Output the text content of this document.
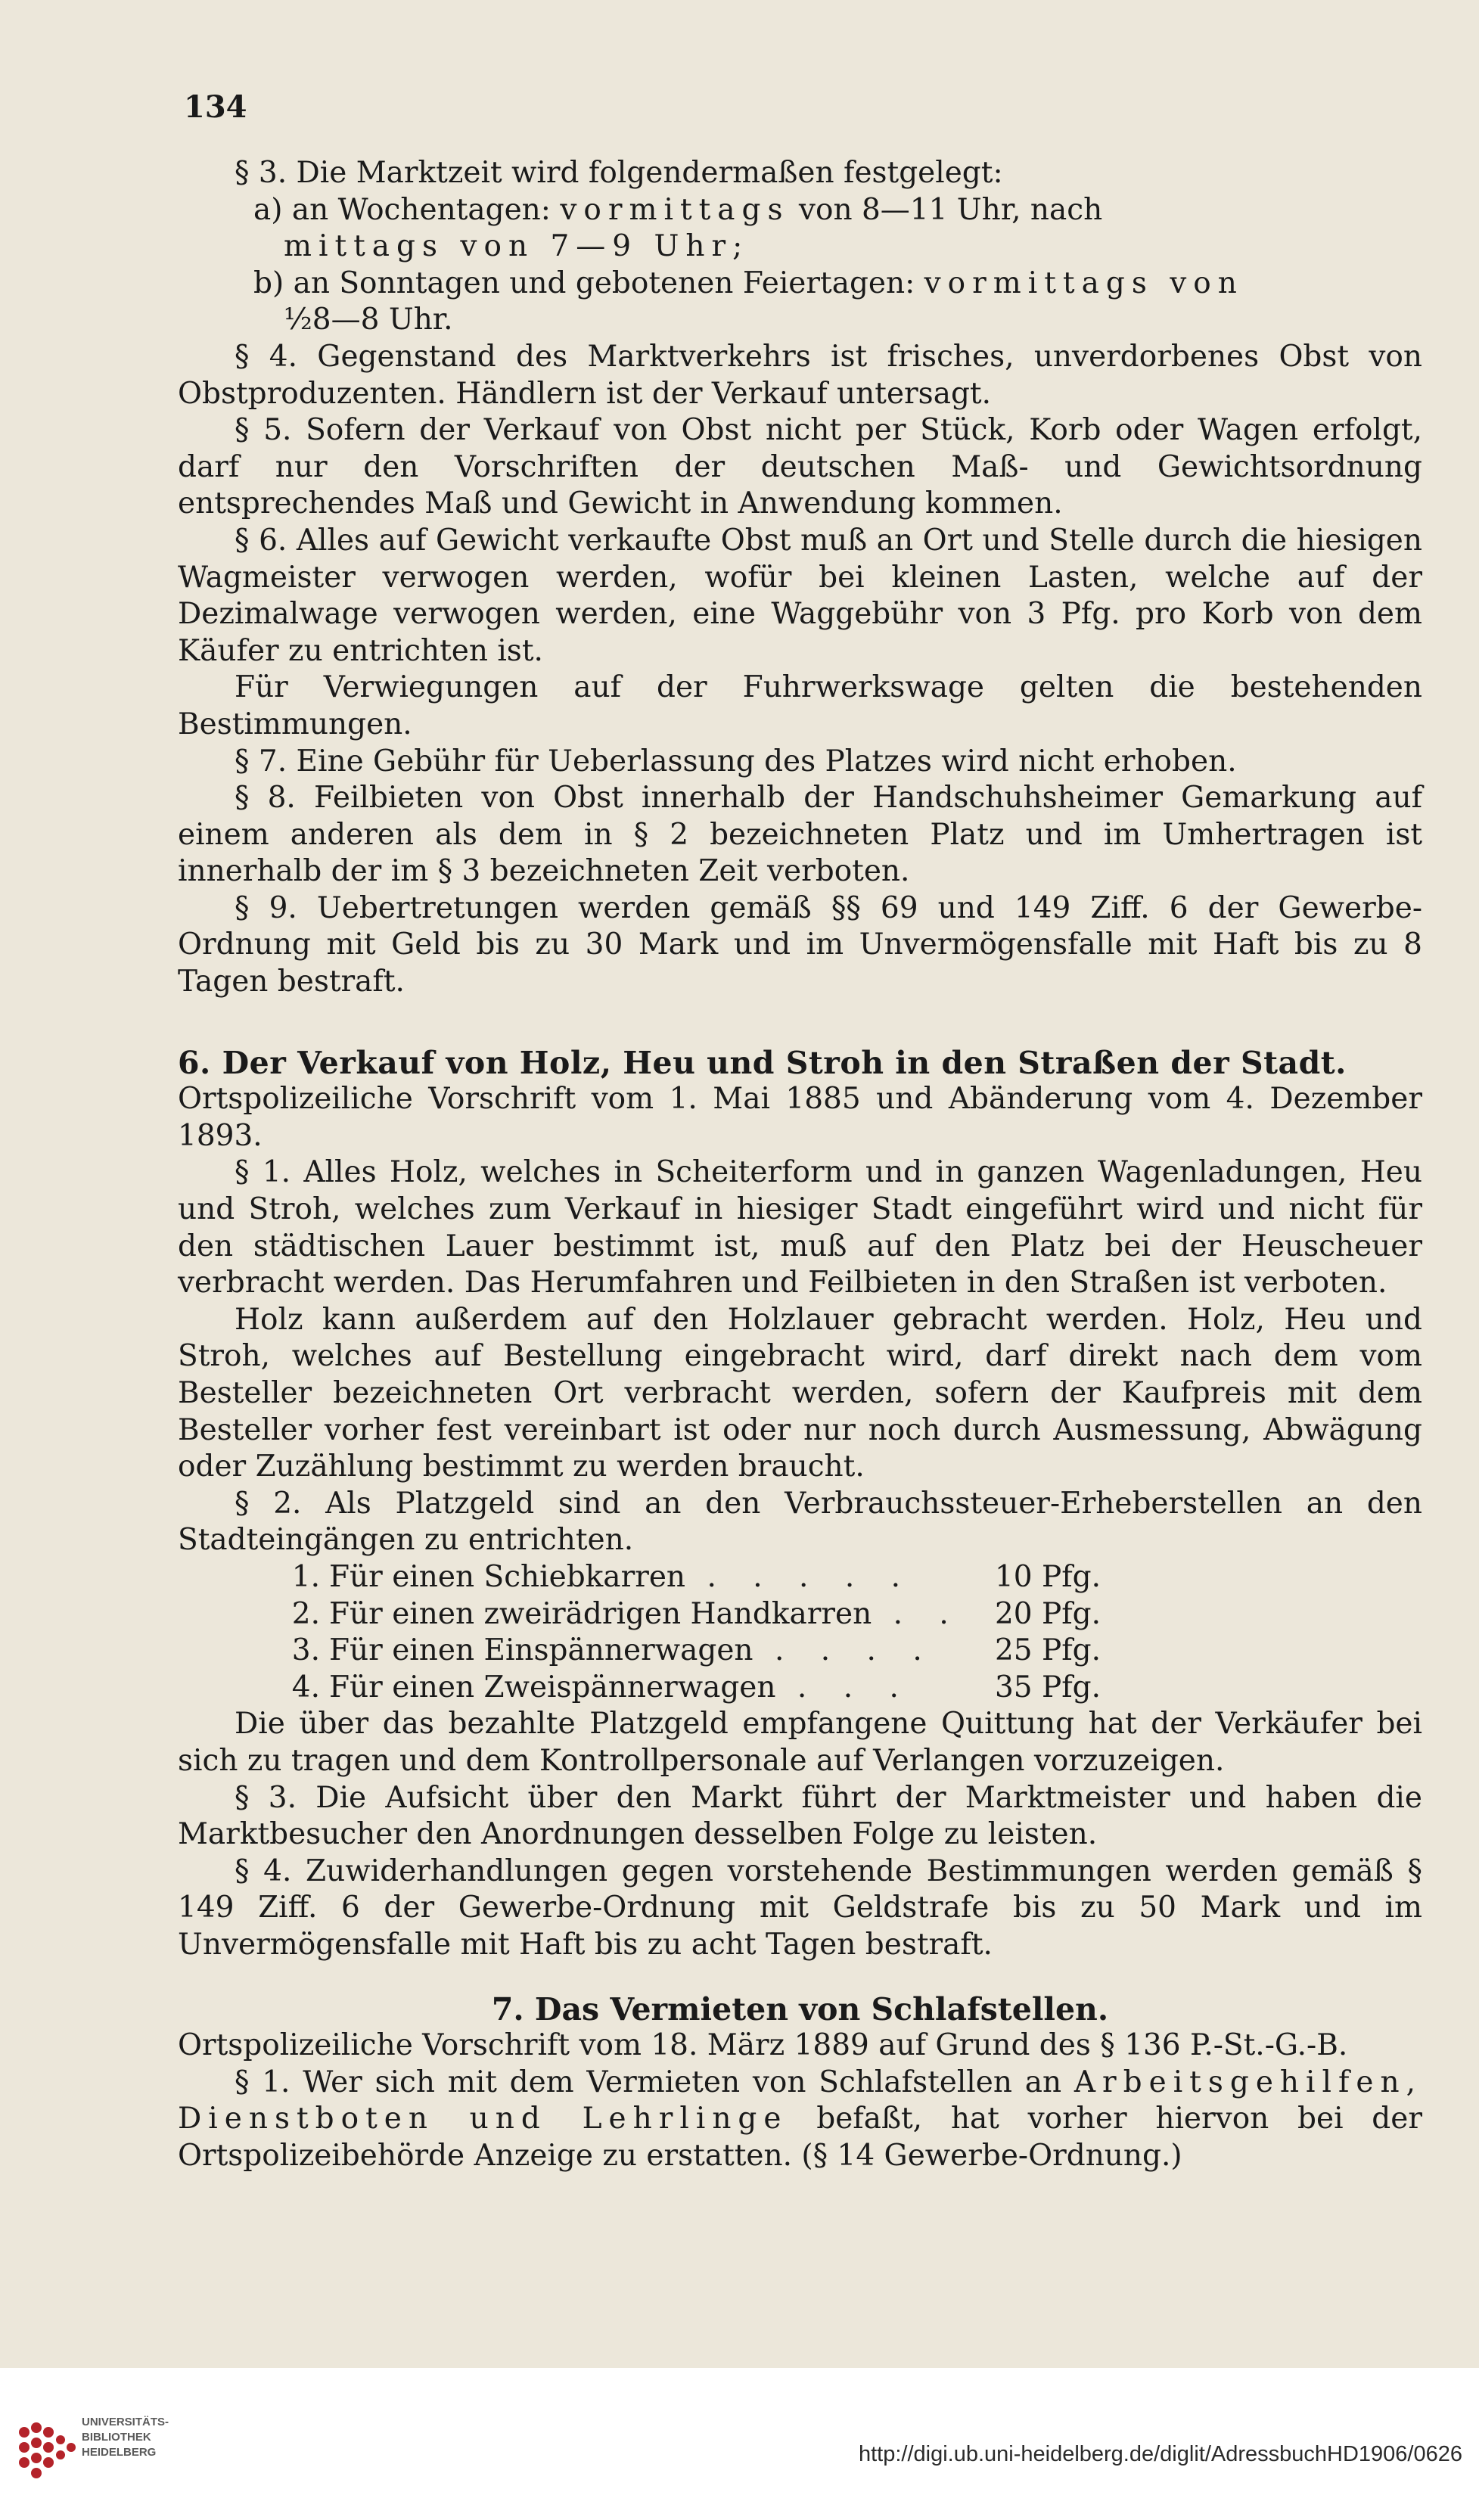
134

§ 3. Die Marktzeit wird folgendermaßen festgelegt:

a) an Wochentagen: vormittags von 8—11 Uhr, nach
mittags von 7—9 Uhr;

b) an Sonntagen und gebotenen Feiertagen: vormittags von
½8—8 Uhr.

§ 4. Gegenstand des Marktverkehrs ist frisches, unverdorbenes Obst von Obstproduzenten. Händlern ist der Verkauf untersagt.

§ 5. Sofern der Verkauf von Obst nicht per Stück, Korb oder Wagen erfolgt, darf nur den Vorschriften der deutschen Maß- und Gewichtsordnung entsprechendes Maß und Gewicht in Anwendung kommen.

§ 6. Alles auf Gewicht verkaufte Obst muß an Ort und Stelle durch die hiesigen Wagmeister verwogen werden, wofür bei kleinen Lasten, welche auf der Dezimalwage verwogen werden, eine Waggebühr von 3 Pfg. pro Korb von dem Käufer zu entrichten ist.

Für Verwiegungen auf der Fuhrwerkswage gelten die bestehenden Bestimmungen.

§ 7. Eine Gebühr für Ueberlassung des Platzes wird nicht erhoben.

§ 8. Feilbieten von Obst innerhalb der Handschuhsheimer Gemarkung auf einem anderen als dem in § 2 bezeichneten Platz und im Umhertragen ist innerhalb der im § 3 bezeichneten Zeit verboten.

§ 9. Uebertretungen werden gemäß §§ 69 und 149 Ziff. 6 der Gewerbe-Ordnung mit Geld bis zu 30 Mark und im Unvermögensfalle mit Haft bis zu 8 Tagen bestraft.

6. Der Verkauf von Holz, Heu und Stroh in den Straßen der Stadt.

Ortspolizeiliche Vorschrift vom 1. Mai 1885 und Abänderung vom 4. Dezember 1893.

§ 1. Alles Holz, welches in Scheiterform und in ganzen Wagenladungen, Heu und Stroh, welches zum Verkauf in hiesiger Stadt eingeführt wird und nicht für den städtischen Lauer bestimmt ist, muß auf den Platz bei der Heuscheuer verbracht werden. Das Herumfahren und Feilbieten in den Straßen ist verboten.

Holz kann außerdem auf den Holzlauer gebracht werden. Holz, Heu und Stroh, welches auf Bestellung eingebracht wird, darf direkt nach dem vom Besteller bezeichneten Ort verbracht werden, sofern der Kaufpreis mit dem Besteller vorher fest vereinbart ist oder nur noch durch Ausmessung, Abwägung oder Zuzählung bestimmt zu werden braucht.

§ 2. Als Platzgeld sind an den Verbrauchssteuer-Erheberstellen an den Stadteingängen zu entrichten.

1. Für einen Schiebkarren . . . . .	10 Pfg.
2. Für einen zweirädrigen Handkarren . .	20 Pfg.
3. Für einen Einspännerwagen . . . .	25 Pfg.
4. Für einen Zweispännerwagen . . .	35 Pfg.

Die über das bezahlte Platzgeld empfangene Quittung hat der Verkäufer bei sich zu tragen und dem Kontrollpersonale auf Verlangen vorzuzeigen.

§ 3. Die Aufsicht über den Markt führt der Marktmeister und haben die Marktbesucher den Anordnungen desselben Folge zu leisten.

§ 4. Zuwiderhandlungen gegen vorstehende Bestimmungen werden gemäß § 149 Ziff. 6 der Gewerbe-Ordnung mit Geldstrafe bis zu 50 Mark und im Unvermögensfalle mit Haft bis zu acht Tagen bestraft.

7. Das Vermieten von Schlafstellen.

Ortspolizeiliche Vorschrift vom 18. März 1889 auf Grund des § 136 P.-St.-G.-B.

§ 1. Wer sich mit dem Vermieten von Schlafstellen an Arbeitsgehilfen, Dienstboten und Lehrlinge befaßt, hat vorher hiervon bei der Ortspolizeibehörde Anzeige zu erstatten. (§ 14 Gewerbe-Ordnung.)

UNIVERSITÄTS-
BIBLIOTHEK
HEIDELBERG	http://digi.ub.uni-heidelberg.de/diglit/AdressbuchHD1906/0626
